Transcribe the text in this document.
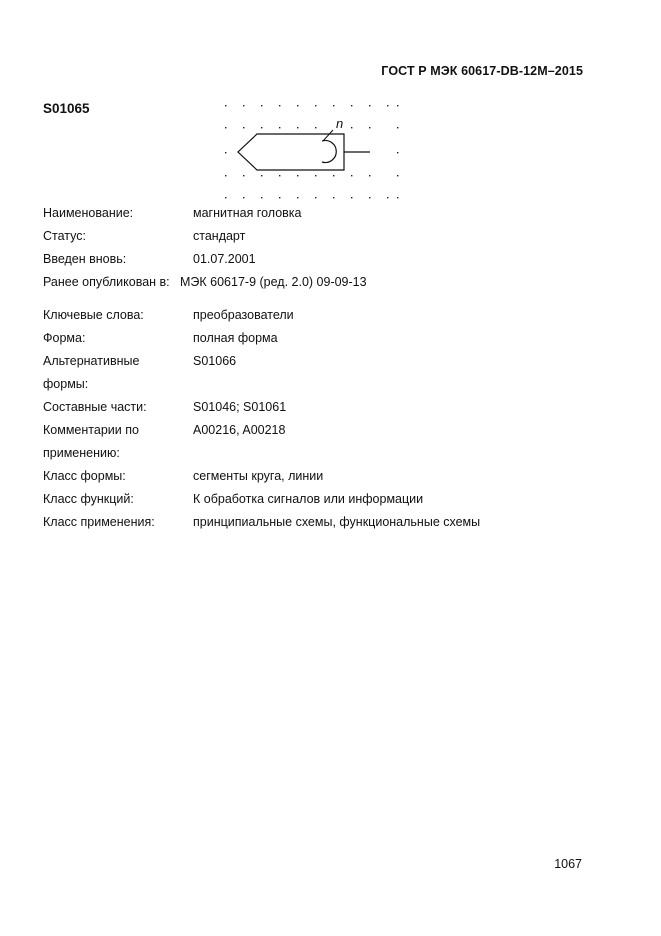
ГОСТ Р МЭК 60617-DB-12M–2015
S01065
n
Наименование:	магнитная головка
Статус:	стандарт
Введен вновь:	01.07.2001
Ранее опубликован в: МЭК 60617-9 (ред. 2.0) 09-09-13
Ключевые слова:	преобразователи
Форма:	полная форма
Альтернативные формы:
S01066
Составные части:	S01046; S01061
Комментарии по применению:
A00216, A00218
Класс формы:	сегменты круга, линии
Класс функций:	К обработка сигналов или информации
Класс применения:	принципиальные схемы, функциональные схемы
1067
